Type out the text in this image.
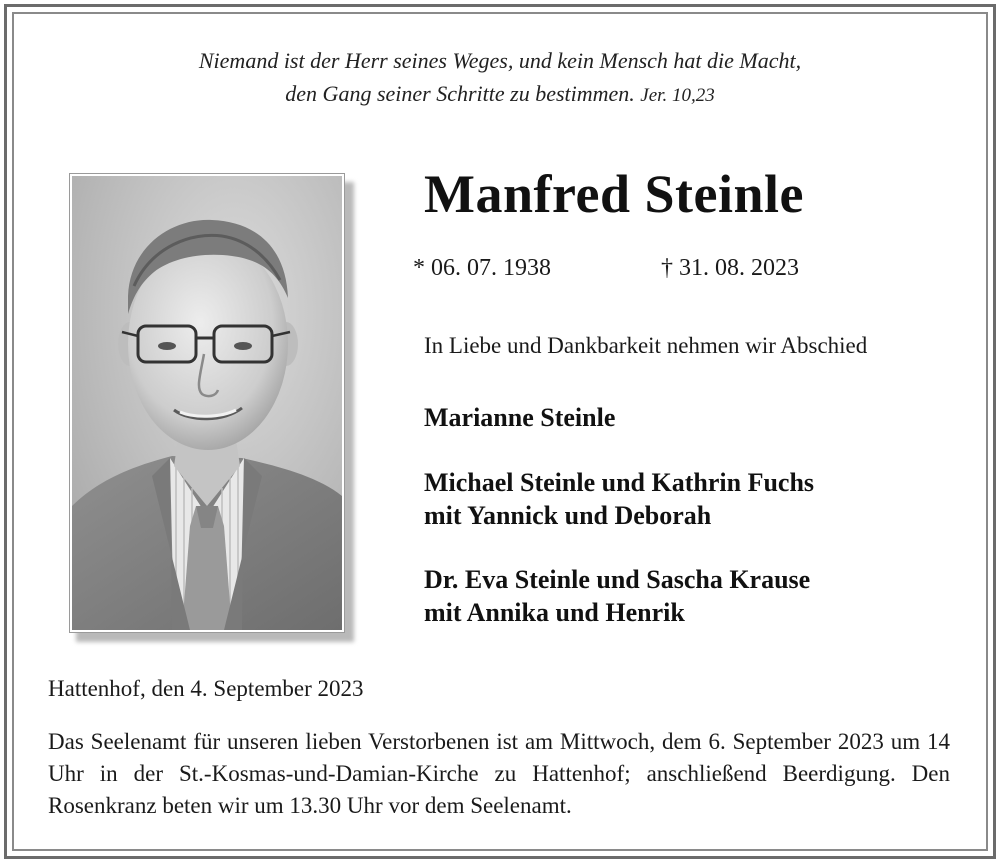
Niemand ist der Herr seines Weges, und kein Mensch hat die Macht,
den Gang seiner Schritte zu bestimmen. Jer. 10,23
Manfred Steinle
* 06. 07. 1938	† 31. 08. 2023
In Liebe und Dankbarkeit nehmen wir Abschied
Marianne Steinle
Michael Steinle und Kathrin Fuchs
mit Yannick und Deborah
Dr. Eva Steinle und Sascha Krause
mit Annika und Henrik
Hattenhof, den 4. September 2023
Das Seelenamt für unseren lieben Verstorbenen ist am Mittwoch, dem 6. September 2023 um 14 Uhr in der St.-Kosmas-und-Damian-Kirche zu Hattenhof; anschließend Beerdigung. Den Rosenkranz beten wir um 13.30 Uhr vor dem Seelenamt.
